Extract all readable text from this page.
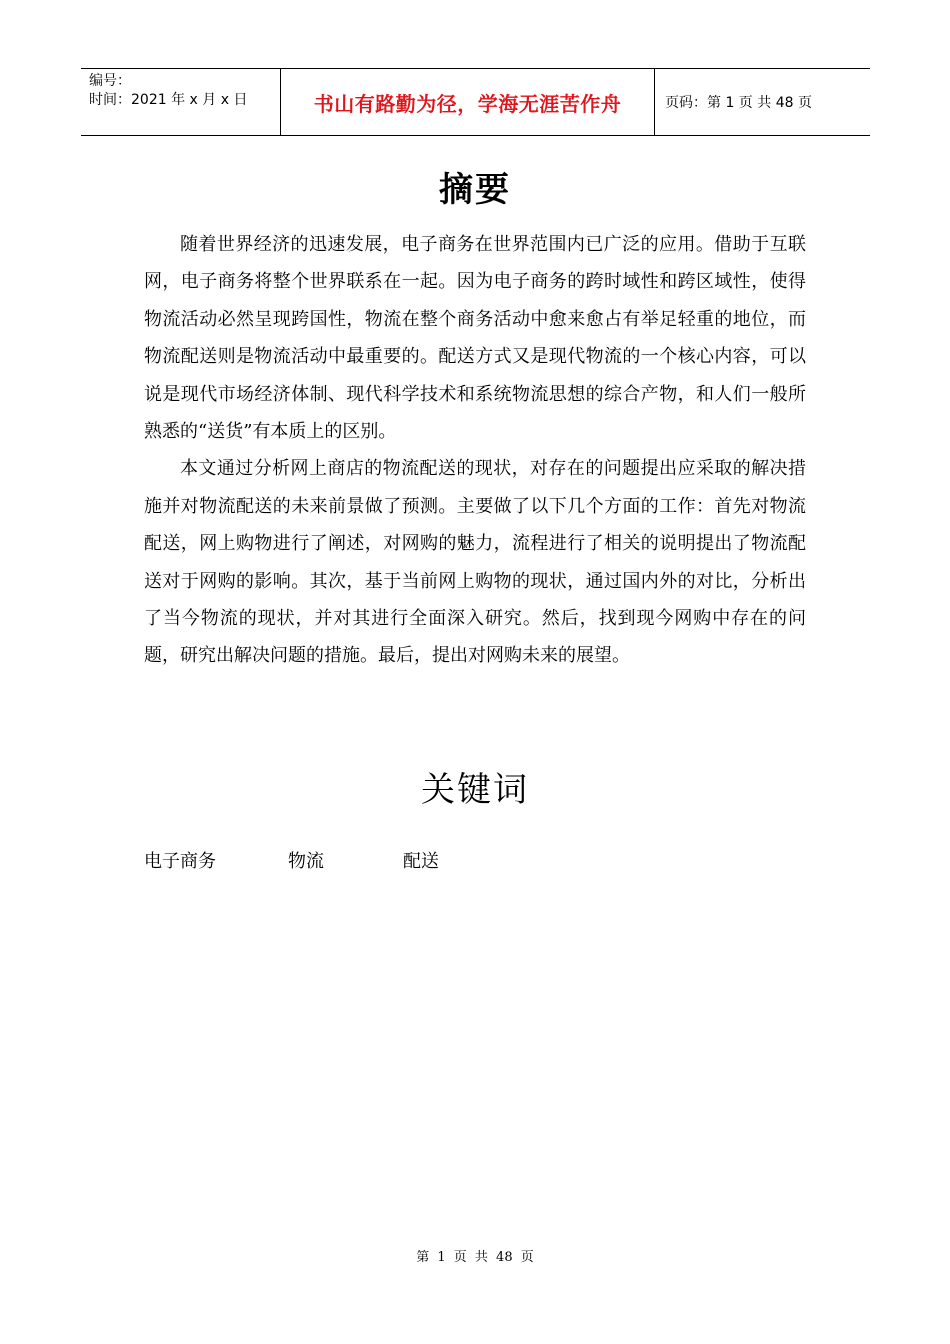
编号：
时间：2021 年 x 月 x 日	书山有路勤为径，学海无涯苦作舟	页码：第 1 页 共 48 页
摘要

随着世界经济的迅速发展，电子商务在世界范围内已广泛的应用。借助于互联网，电子商务将整个世界联系在一起。因为电子商务的跨时域性和跨区域性，使得物流活动必然呈现跨国性，物流在整个商务活动中愈来愈占有举足轻重的地位，而物流配送则是物流活动中最重要的。配送方式又是现代物流的一个核心内容，可以说是现代市场经济体制、现代科学技术和系统物流思想的综合产物，和人们一般所熟悉的“送货”有本质上的区别。

本文通过分析网上商店的物流配送的现状，对存在的问题提出应采取的解决措施并对物流配送的未来前景做了预测。主要做了以下几个方面的工作：首先对物流配送，网上购物进行了阐述，对网购的魅力，流程进行了相关的说明提出了物流配送对于网购的影响。其次，基于当前网上购物的现状，通过国内外的对比，分析出了当今物流的现状，并对其进行全面深入研究。然后，找到现今网购中存在的问题，研究出解决问题的措施。最后，提出对网购未来的展望。

关键词
电子商务	物流	配送
第 1 页 共 48 页
